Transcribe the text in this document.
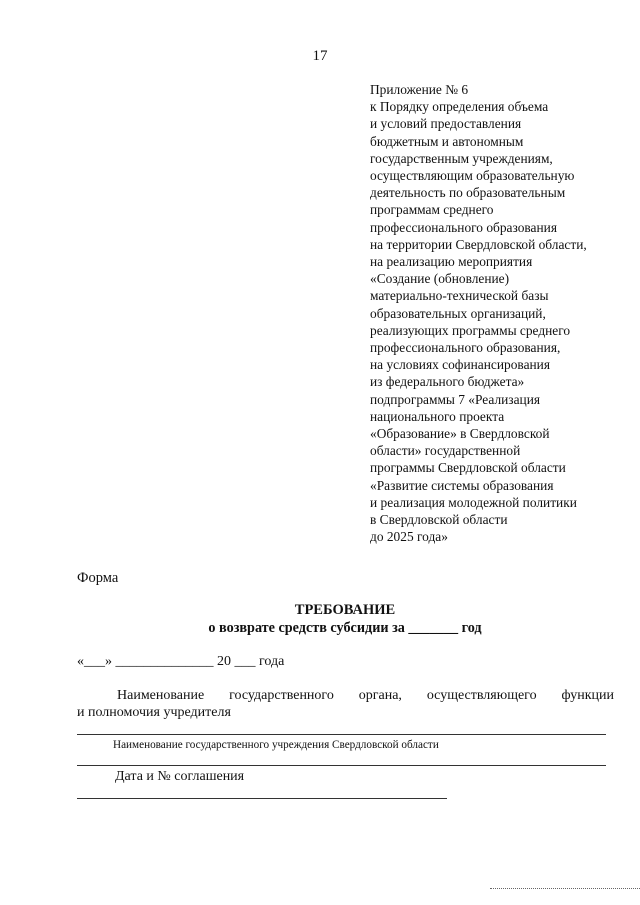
17
Приложение № 6
к Порядку определения объема
и условий предоставления
бюджетным и автономным
государственным учреждениям,
осуществляющим образовательную
деятельность по образовательным
программам среднего
профессионального образования
на территории Свердловской области,
на реализацию мероприятия
«Создание (обновление)
материально-технической базы
образовательных организаций,
реализующих программы среднего
профессионального образования,
на условиях софинансирования
из федерального бюджета»
подпрограммы 7 «Реализация
национального проекта
«Образование» в Свердловской
области» государственной
программы Свердловской области
«Развитие системы образования
и реализация молодежной политики
в Свердловской области
до 2025 года»
Форма
ТРЕБОВАНИЕ
о возврате средств субсидии за _______ год
«___» ______________ 20 ___ года
Наименование государственного органа, осуществляющего функции
и полномочия учредителя
Наименование государственного учреждения Свердловской области
Дата и № соглашения
